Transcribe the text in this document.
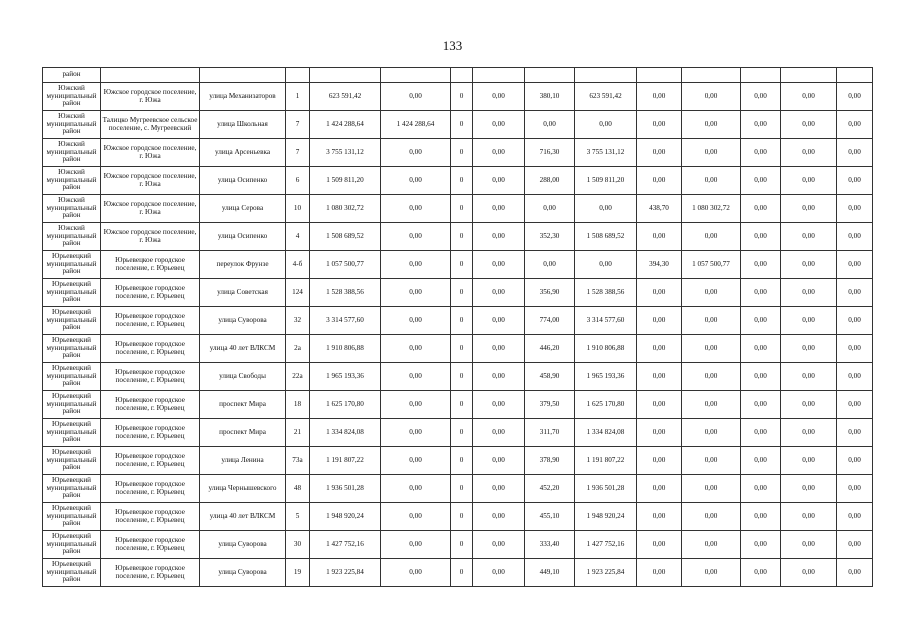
133
район														
Южский муниципальный район	Южское городское поселение, г. Южа	улица Механизаторов	1	623 591,42	0,00	0	0,00	380,10	623 591,42	0,00	0,00	0,00	0,00	0,00
Южский муниципальный район	Талицко Мугреевское сельское поселение, с. Мугреевский	улица Школьная	7	1 424 288,64	1 424 288,64	0	0,00	0,00	0,00	0,00	0,00	0,00	0,00	0,00
Южский муниципальный район	Южское городское поселение, г. Южа	улица Арсеньевка	7	3 755 131,12	0,00	0	0,00	716,30	3 755 131,12	0,00	0,00	0,00	0,00	0,00
Южский муниципальный район	Южское городское поселение, г. Южа	улица Осипенко	6	1 509 811,20	0,00	0	0,00	288,00	1 509 811,20	0,00	0,00	0,00	0,00	0,00
Южский муниципальный район	Южское городское поселение, г. Южа	улица Серова	10	1 080 302,72	0,00	0	0,00	0,00	0,00	438,70	1 080 302,72	0,00	0,00	0,00
Южский муниципальный район	Южское городское поселение, г. Южа	улица Осипенко	4	1 508 689,52	0,00	0	0,00	352,30	1 508 689,52	0,00	0,00	0,00	0,00	0,00
Юрьевецкий муниципальный район	Юрьевецкое городское поселение, г. Юрьевец	переулок Фрунзе	4-б	1 057 500,77	0,00	0	0,00	0,00	0,00	394,30	1 057 500,77	0,00	0,00	0,00
Юрьевецкий муниципальный район	Юрьевецкое городское поселение, г. Юрьевец	улица Советская	124	1 528 388,56	0,00	0	0,00	356,90	1 528 388,56	0,00	0,00	0,00	0,00	0,00
Юрьевецкий муниципальный район	Юрьевецкое городское поселение, г. Юрьевец	улица Суворова	32	3 314 577,60	0,00	0	0,00	774,00	3 314 577,60	0,00	0,00	0,00	0,00	0,00
Юрьевецкий муниципальный район	Юрьевецкое городское поселение, г. Юрьевец	улица 40 лет ВЛКСМ	2а	1 910 806,88	0,00	0	0,00	446,20	1 910 806,88	0,00	0,00	0,00	0,00	0,00
Юрьевецкий муниципальный район	Юрьевецкое городское поселение, г. Юрьевец	улица Свободы	22а	1 965 193,36	0,00	0	0,00	458,90	1 965 193,36	0,00	0,00	0,00	0,00	0,00
Юрьевецкий муниципальный район	Юрьевецкое городское поселение, г. Юрьевец	проспект Мира	18	1 625 170,80	0,00	0	0,00	379,50	1 625 170,80	0,00	0,00	0,00	0,00	0,00
Юрьевецкий муниципальный район	Юрьевецкое городское поселение, г. Юрьевец	проспект Мира	21	1 334 824,08	0,00	0	0,00	311,70	1 334 824,08	0,00	0,00	0,00	0,00	0,00
Юрьевецкий муниципальный район	Юрьевецкое городское поселение, г. Юрьевец	улица Ленина	73а	1 191 807,22	0,00	0	0,00	378,90	1 191 807,22	0,00	0,00	0,00	0,00	0,00
Юрьевецкий муниципальный район	Юрьевецкое городское поселение, г. Юрьевец	улица Чернышевского	48	1 936 501,28	0,00	0	0,00	452,20	1 936 501,28	0,00	0,00	0,00	0,00	0,00
Юрьевецкий муниципальный район	Юрьевецкое городское поселение, г. Юрьевец	улица 40 лет ВЛКСМ	5	1 948 920,24	0,00	0	0,00	455,10	1 948 920,24	0,00	0,00	0,00	0,00	0,00
Юрьевецкий муниципальный район	Юрьевецкое городское поселение, г. Юрьевец	улица Суворова	30	1 427 752,16	0,00	0	0,00	333,40	1 427 752,16	0,00	0,00	0,00	0,00	0,00
Юрьевецкий муниципальный район	Юрьевецкое городское поселение, г. Юрьевец	улица Суворова	19	1 923 225,84	0,00	0	0,00	449,10	1 923 225,84	0,00	0,00	0,00	0,00	0,00
